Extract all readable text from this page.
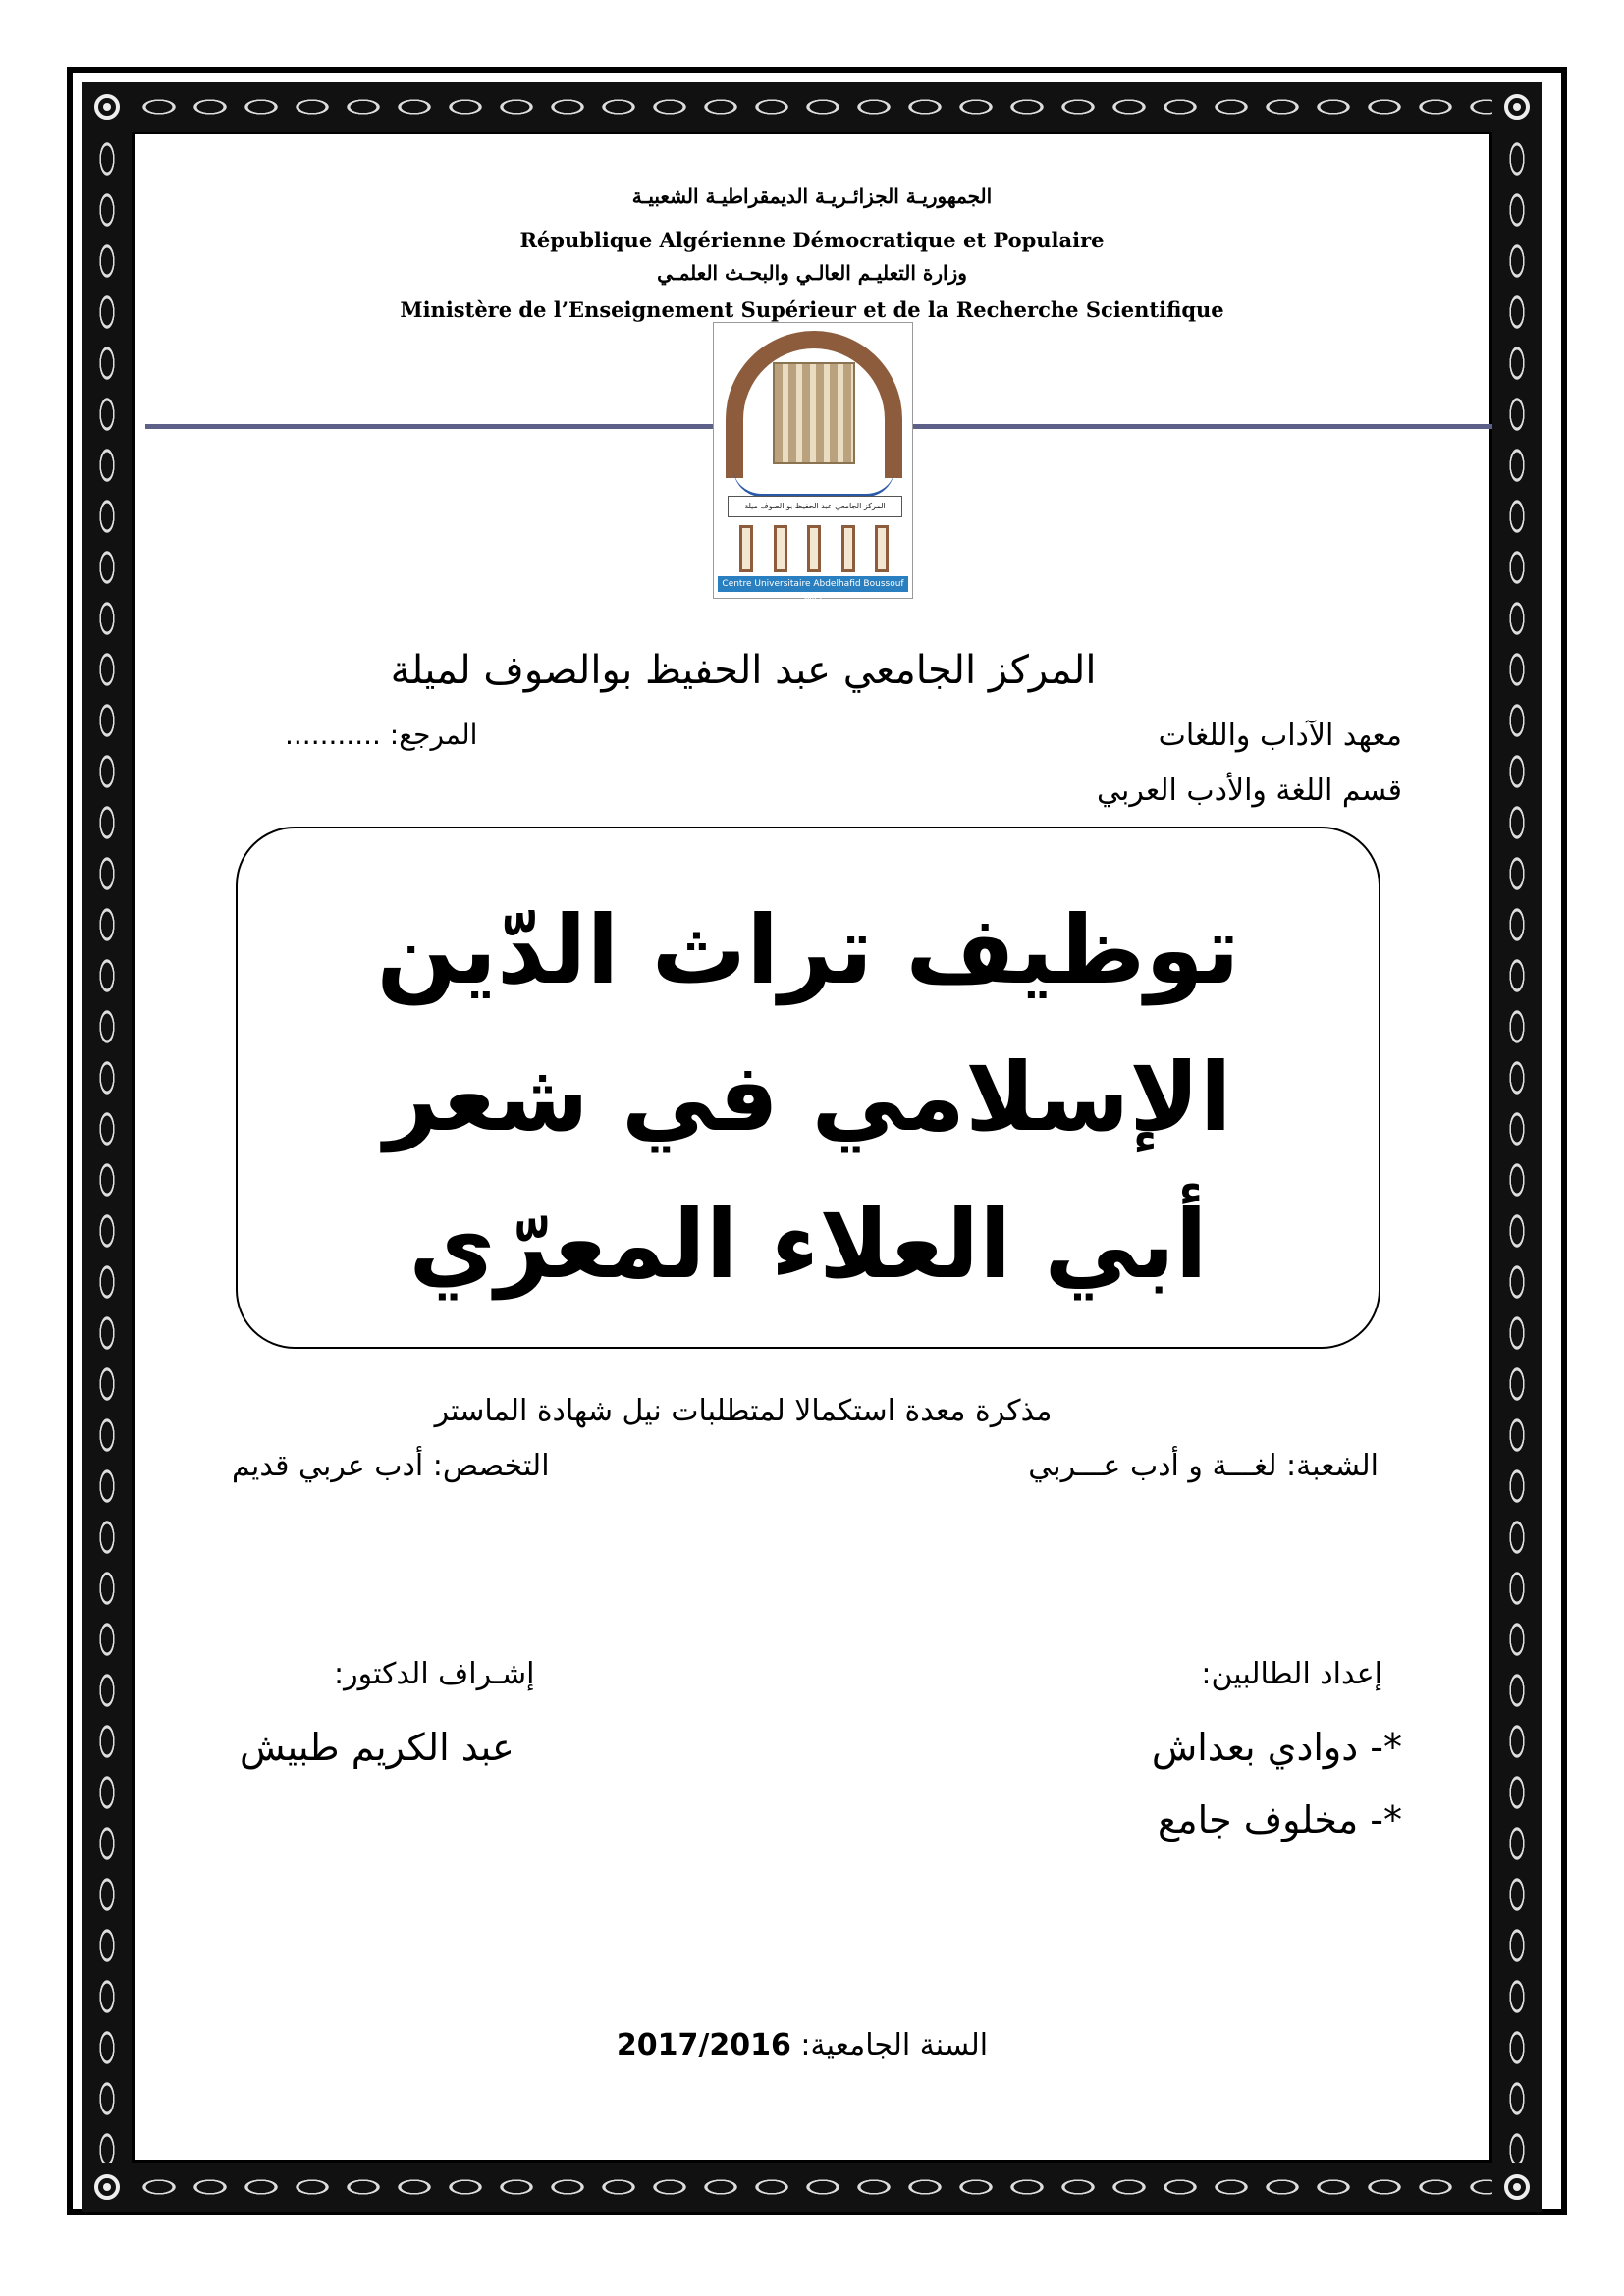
الجمهوريـة الجزائـريـة الديمقراطيـة الشعبيـة
République Algérienne Démocratique et Populaire
وزارة التعليـم العالـي والبحـث العلمـي
Ministère de l’Enseignement Supérieur et de la Recherche Scientifique
المركز الجامعي عبد الحفيظ بو الصوف ميلة
Centre Universitaire Abdelhafid Boussouf Mila
المركز الجامعي عبد الحفيظ بوالصوف لميلة
معهد الآداب واللغات
المرجع: ...........
قسم اللغة والأدب العربي
توظيف تراث الدّين
الإسلامي في شعر
أبي العلاء المعرّي
مذكرة معدة استكمالا لمتطلبات نيل شهادة الماستر
الشعبة: لغـــة و أدب عـــربي
التخصص: أدب عربي قديم
إعداد الطالبين:
إشـراف الدكتور:
*- دوادي بعداش
*- مخلوف جامع
عبد الكريم طبيش
السنة الجامعية: 2017/2016
